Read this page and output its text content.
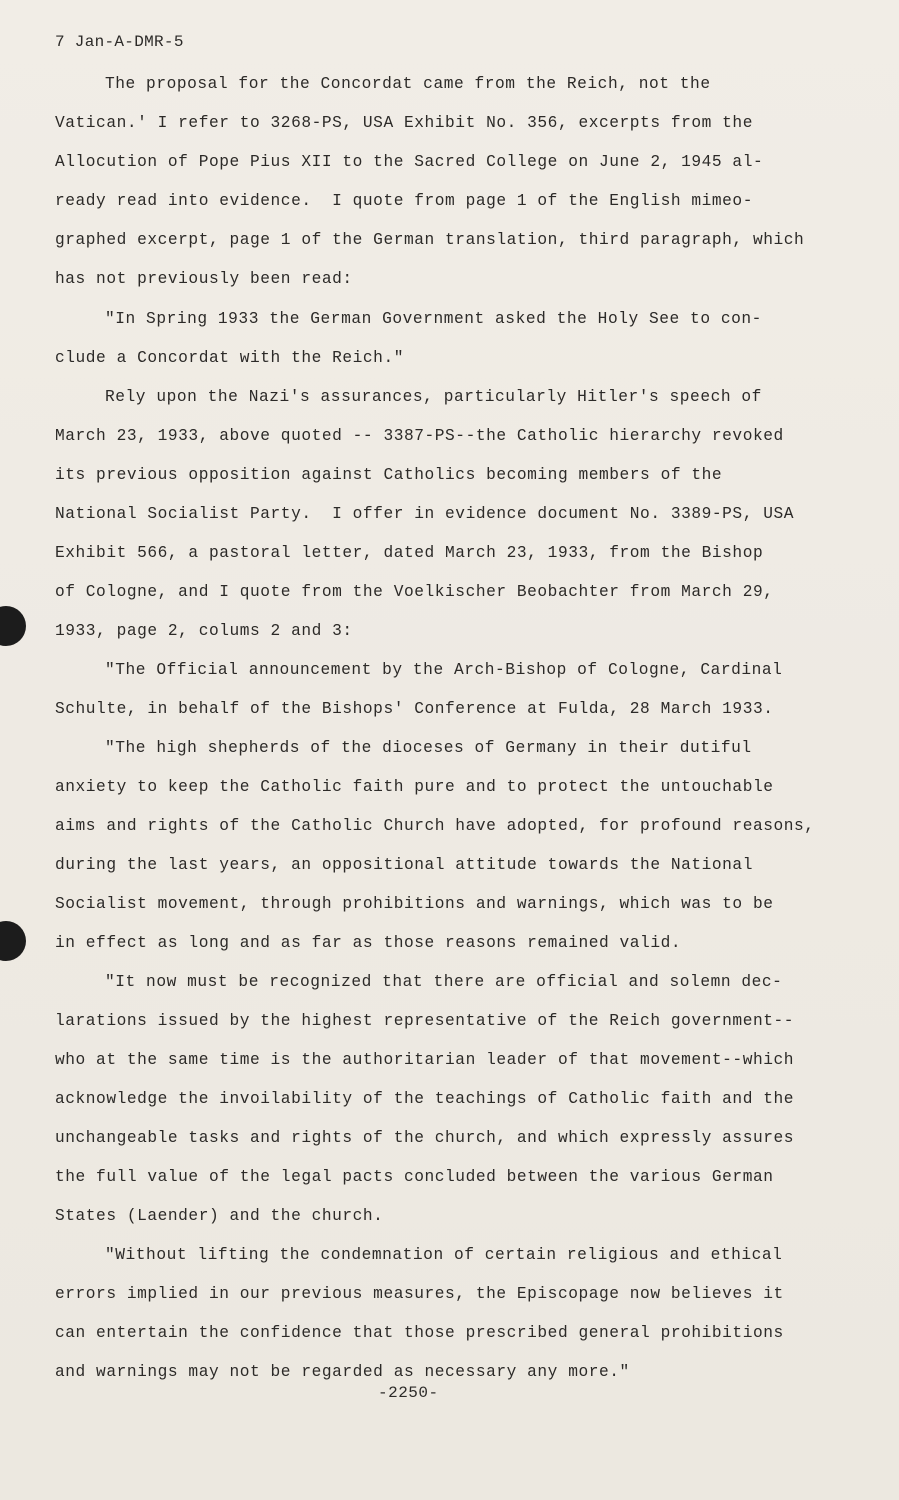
7 Jan-A-DMR-5
The proposal for the Concordat came from the Reich, not the
Vatican.' I refer to 3268-PS, USA Exhibit No. 356, excerpts from the
Allocution of Pope Pius XII to the Sacred College on June 2, 1945 al-
ready read into evidence.  I quote from page 1 of the English mimeo-
graphed excerpt, page 1 of the German translation, third paragraph, which
has not previously been read:
"In Spring 1933 the German Government asked the Holy See to con-
clude a Concordat with the Reich."
Rely upon the Nazi's assurances, particularly Hitler's speech of
March 23, 1933, above quoted -- 3387-PS--the Catholic hierarchy revoked
its previous opposition against Catholics becoming members of the
National Socialist Party.  I offer in evidence document No. 3389-PS, USA
Exhibit 566, a pastoral letter, dated March 23, 1933, from the Bishop
of Cologne, and I quote from the Voelkischer Beobachter from March 29,
1933, page 2, colums 2 and 3:
"The Official announcement by the Arch-Bishop of Cologne, Cardinal
Schulte, in behalf of the Bishops' Conference at Fulda, 28 March 1933.
"The high shepherds of the dioceses of Germany in their dutiful
anxiety to keep the Catholic faith pure and to protect the untouchable
aims and rights of the Catholic Church have adopted, for profound reasons,
during the last years, an oppositional attitude towards the National
Socialist movement, through prohibitions and warnings, which was to be
in effect as long and as far as those reasons remained valid.
"It now must be recognized that there are official and solemn dec-
larations issued by the highest representative of the Reich government--
who at the same time is the authoritarian leader of that movement--which
acknowledge the invoilability of the teachings of Catholic faith and the
unchangeable tasks and rights of the church, and which expressly assures
the full value of the legal pacts concluded between the various German
States (Laender) and the church.
"Without lifting the condemnation of certain religious and ethical
errors implied in our previous measures, the Episcopage now believes it
can entertain the confidence that those prescribed general prohibitions
and warnings may not be regarded as necessary any more."
-2250-
